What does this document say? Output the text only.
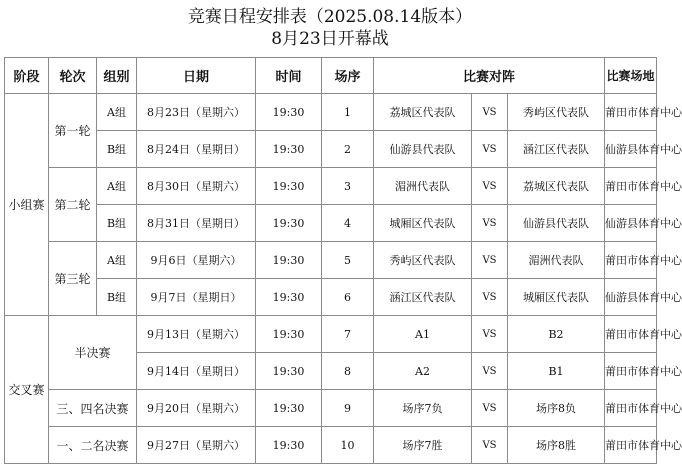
竞赛日程安排表（2025.08.14版本）
8月23日开幕战
阶段	轮次	组别	日期	时间	场序	比赛对阵			比赛场地
小组赛	第一轮	A组	8月23日（星期六）	19:30	1	荔城区代表队	VS	秀屿区代表队	莆田市体育中心
		B组	8月24日（星期日）	19:30	2	仙游县代表队	VS	涵江区代表队	仙游县体育中心
	第二轮	A组	8月30日（星期六）	19:30	3	湄洲代表队	VS	荔城区代表队	莆田市体育中心
		B组	8月31日（星期日）	19:30	4	城厢区代表队	VS	仙游县代表队	仙游县体育中心
	第三轮	A组	9月6日（星期六）	19:30	5	秀屿区代表队	VS	湄洲代表队	莆田市体育中心
		B组	9月7日（星期日）	19:30	6	涵江区代表队	VS	城厢区代表队	仙游县体育中心
交叉赛	半决赛		9月13日（星期六）	19:30	7	A1	VS	B2	莆田市体育中心
			9月14日（星期日）	19:30	8	A2	VS	B1	莆田市体育中心
	三、四名决赛		9月20日（星期六）	19:30	9	场序7负	VS	场序8负	莆田市体育中心
	一、二名决赛		9月27日（星期六）	19:30	10	场序7胜	VS	场序8胜	莆田市体育中心
